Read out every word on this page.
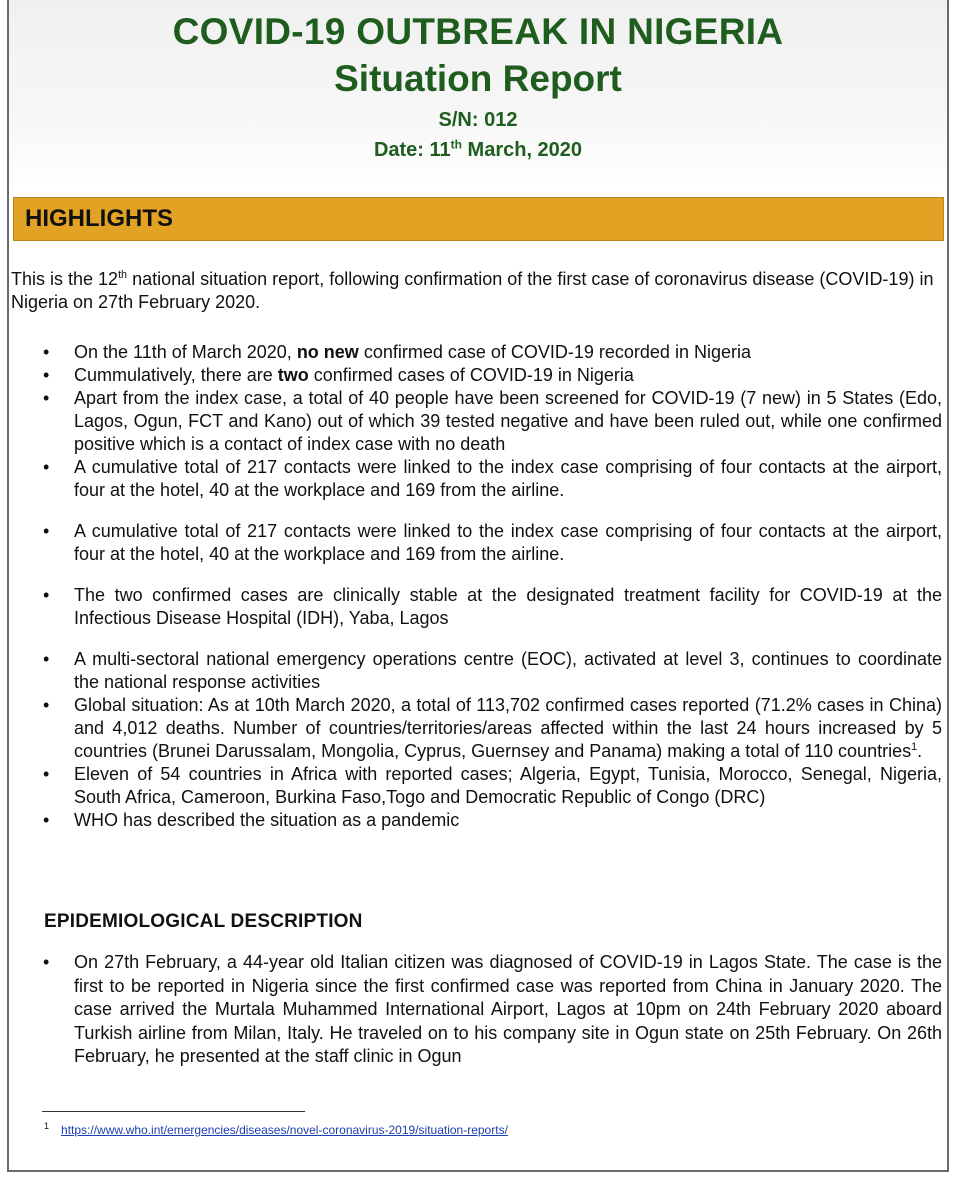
COVID-19 OUTBREAK IN NIGERIA
Situation Report
S/N: 012
Date: 11th March, 2020
HIGHLIGHTS

This is the 12th national situation report, following confirmation of the first case of coronavirus disease (COVID-19) in Nigeria on 27th February 2020.

• On the 11th of March 2020, no new confirmed case of COVID-19 recorded in Nigeria
• Cummulatively, there are two confirmed cases of COVID-19 in Nigeria
• Apart from the index case, a total of 40 people have been screened for COVID-19 (7 new) in 5 States (Edo, Lagos, Ogun, FCT and Kano) out of which 39 tested negative and have been ruled out, while one confirmed positive which is a contact of index case with no death
• A cumulative total of 217 contacts were linked to the index case comprising of four contacts at the airport, four at the hotel, 40 at the workplace and 169 from the airline.
• A cumulative total of 217 contacts were linked to the index case comprising of four contacts at the airport, four at the hotel, 40 at the workplace and 169 from the airline.
• The two confirmed cases are clinically stable at the designated treatment facility for COVID-19 at the Infectious Disease Hospital (IDH), Yaba, Lagos
• A multi-sectoral national emergency operations centre (EOC), activated at level 3, continues to coordinate the national response activities
• Global situation: As at 10th March 2020, a total of 113,702 confirmed cases reported (71.2% cases in China) and 4,012 deaths. Number of countries/territories/areas affected within the last 24 hours increased by 5 countries (Brunei Darussalam, Mongolia, Cyprus, Guernsey and Panama) making a total of 110 countries$^1$.
• Eleven of 54 countries in Africa with reported cases; Algeria, Egypt, Tunisia, Morocco, Senegal, Nigeria, South Africa, Cameroon, Burkina Faso,Togo and Democratic Republic of Congo (DRC)
• WHO has described the situation as a pandemic
EPIDEMIOLOGICAL DESCRIPTION
• On 27th February, a 44-year old Italian citizen was diagnosed of COVID-19 in Lagos State. The case is the first to be reported in Nigeria since the first confirmed case was reported from China in January 2020. The case arrived the Murtala Muhammed International Airport, Lagos at 10pm on 24th February 2020 aboard Turkish airline from Milan, Italy. He traveled on to his company site in Ogun state on 25th February. On 26th February, he presented at the staff clinic in Ogun
$^1$ https://www.who.int/emergencies/diseases/novel-coronavirus-2019/situation-reports/
